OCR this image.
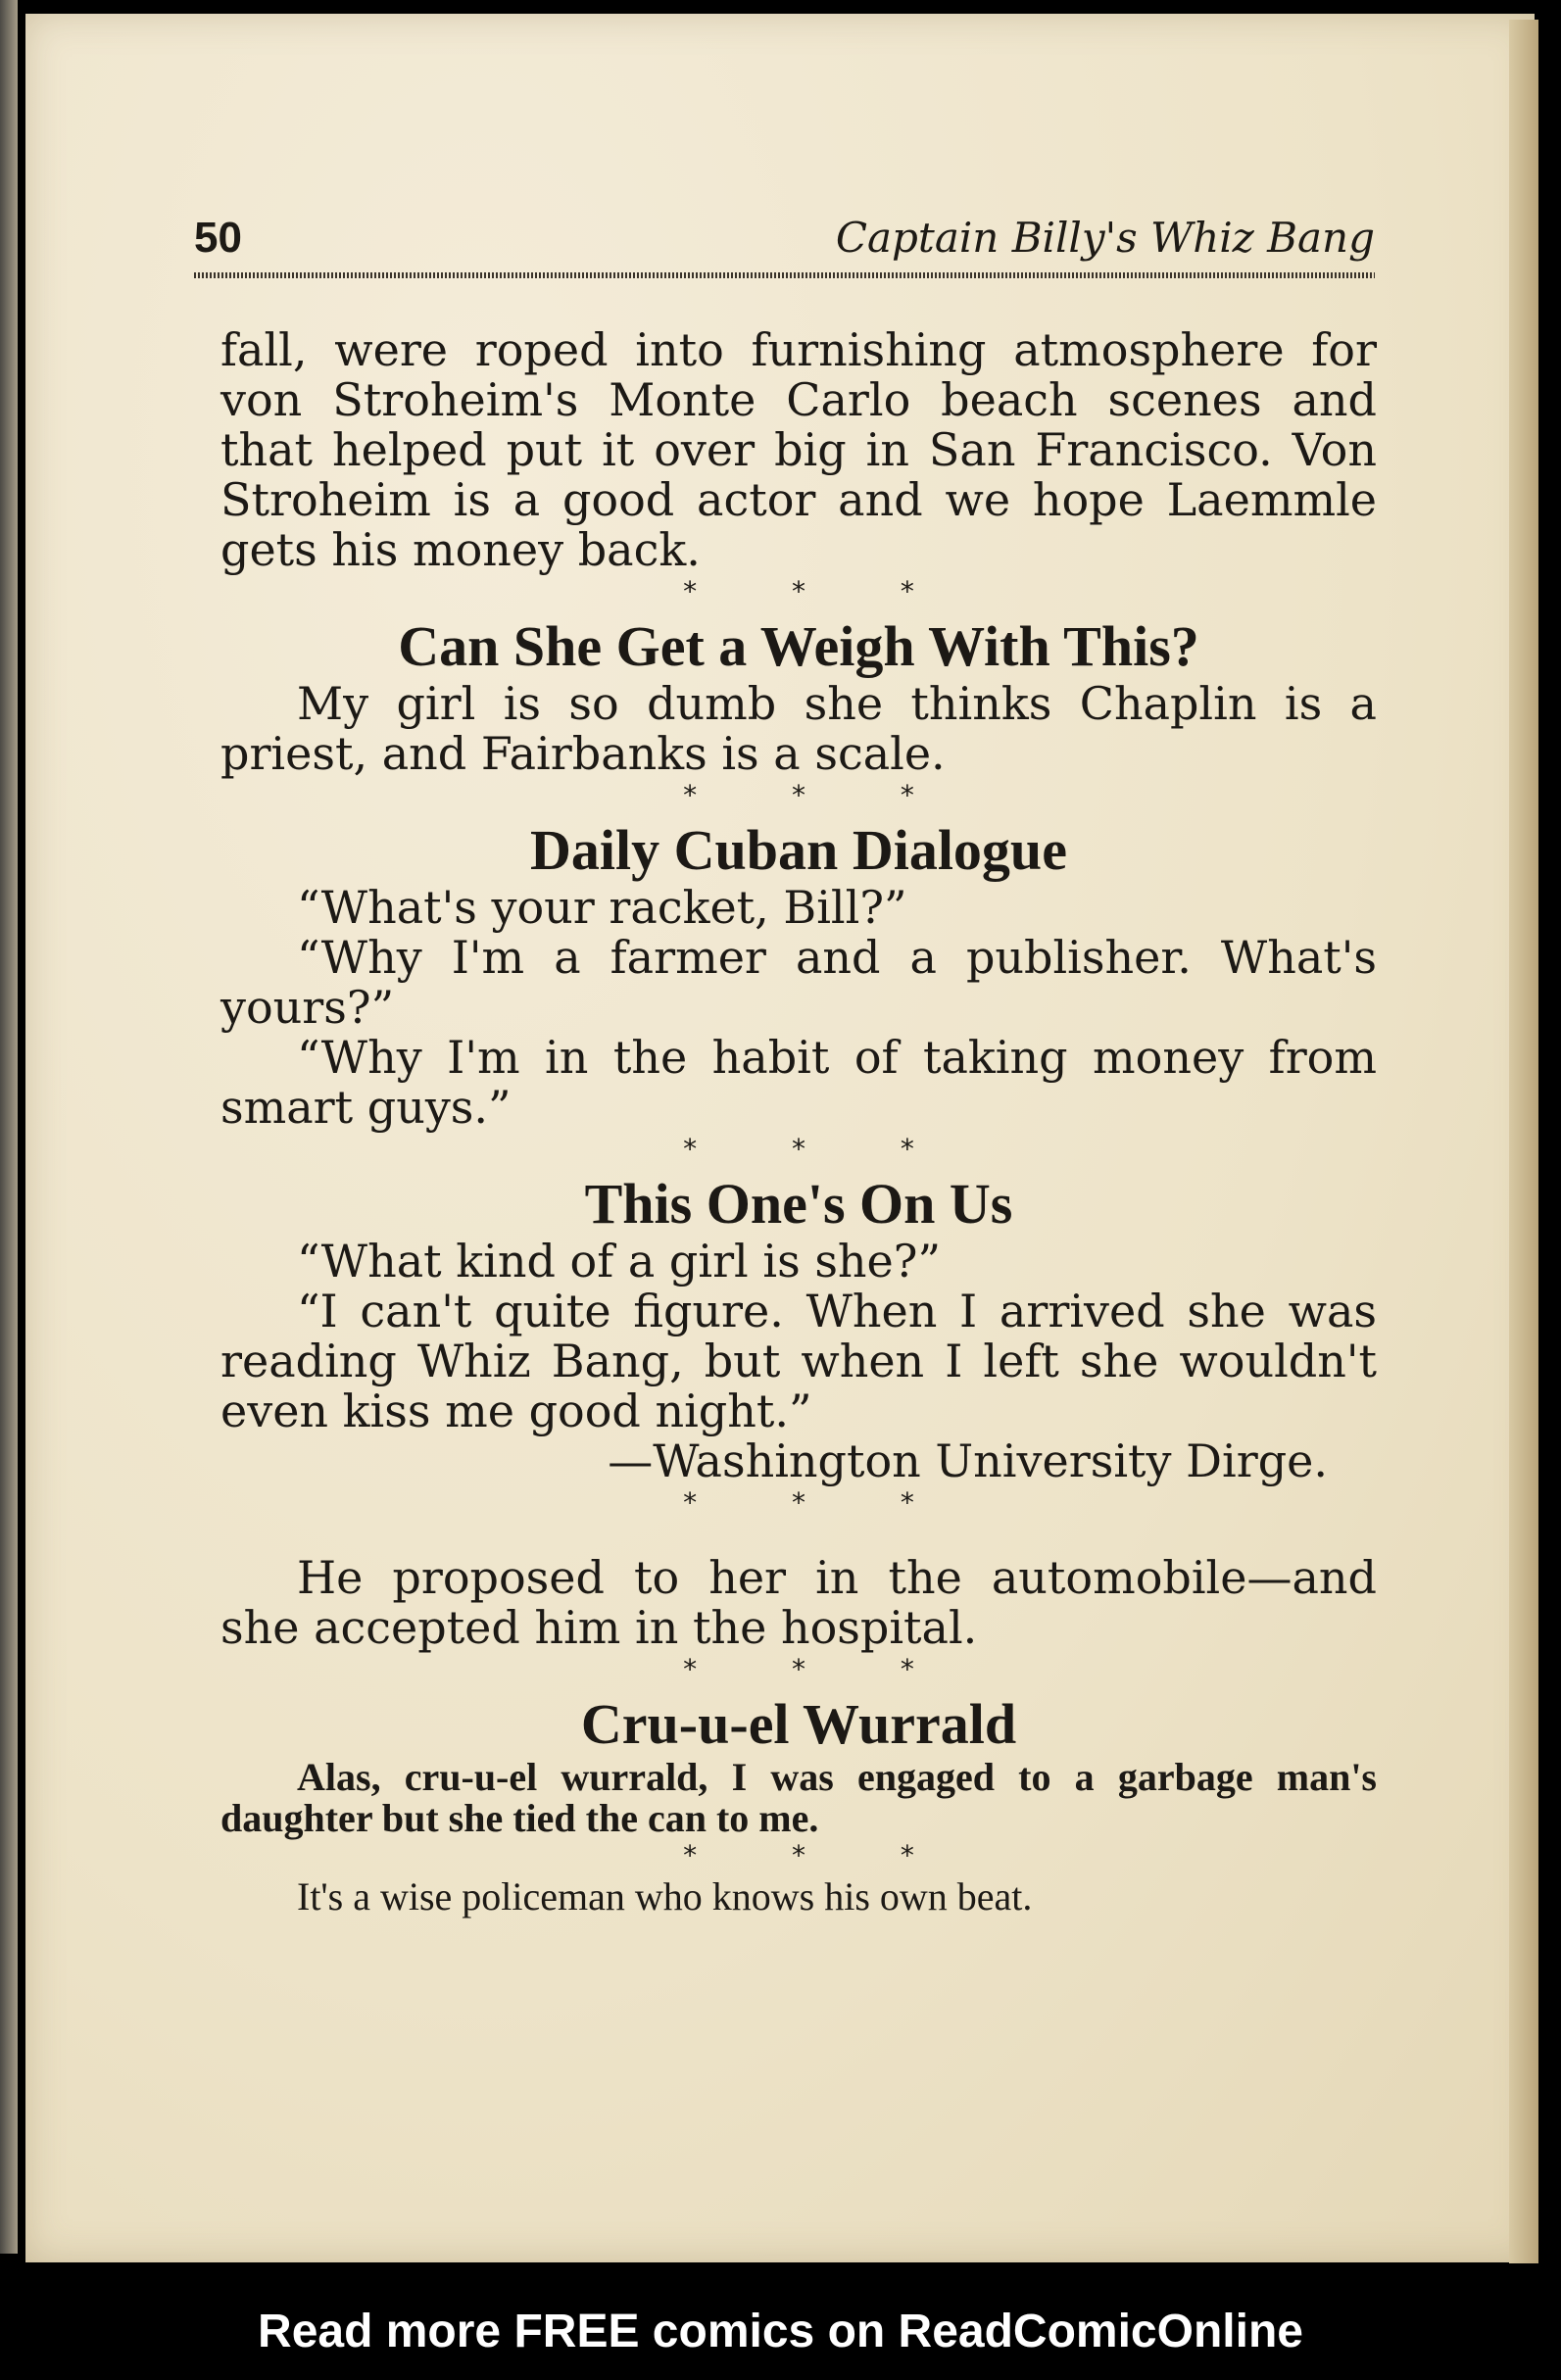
50	Captain Billy's Whiz Bang

fall, were roped into furnishing atmosphere for von Stroheim's Monte Carlo beach scenes and that helped put it over big in San Francisco. Von Stroheim is a good actor and we hope Laemmle gets his money back.

* * *
Can She Get a Weigh With This?

My girl is so dumb she thinks Chaplin is a priest, and Fairbanks is a scale.

* * *
Daily Cuban Dialogue

“What's your racket, Bill?”

“Why I'm a farmer and a publisher. What's yours?”

“Why I'm in the habit of taking money from smart guys.”

* * *
This One's On Us

“What kind of a girl is she?”

“I can't quite figure. When I arrived she was reading Whiz Bang, but when I left she wouldn't even kiss me good night.”

—Washington University Dirge.

* * *

He proposed to her in the automobile—and she accepted him in the hospital.

* * *
Cru-u-el Wurrald

Alas, cru-u-el wurrald, I was engaged to a garbage man's daughter but she tied the can to me.

* * *

It's a wise policeman who knows his own beat.

Read more FREE comics on ReadComicOnline
